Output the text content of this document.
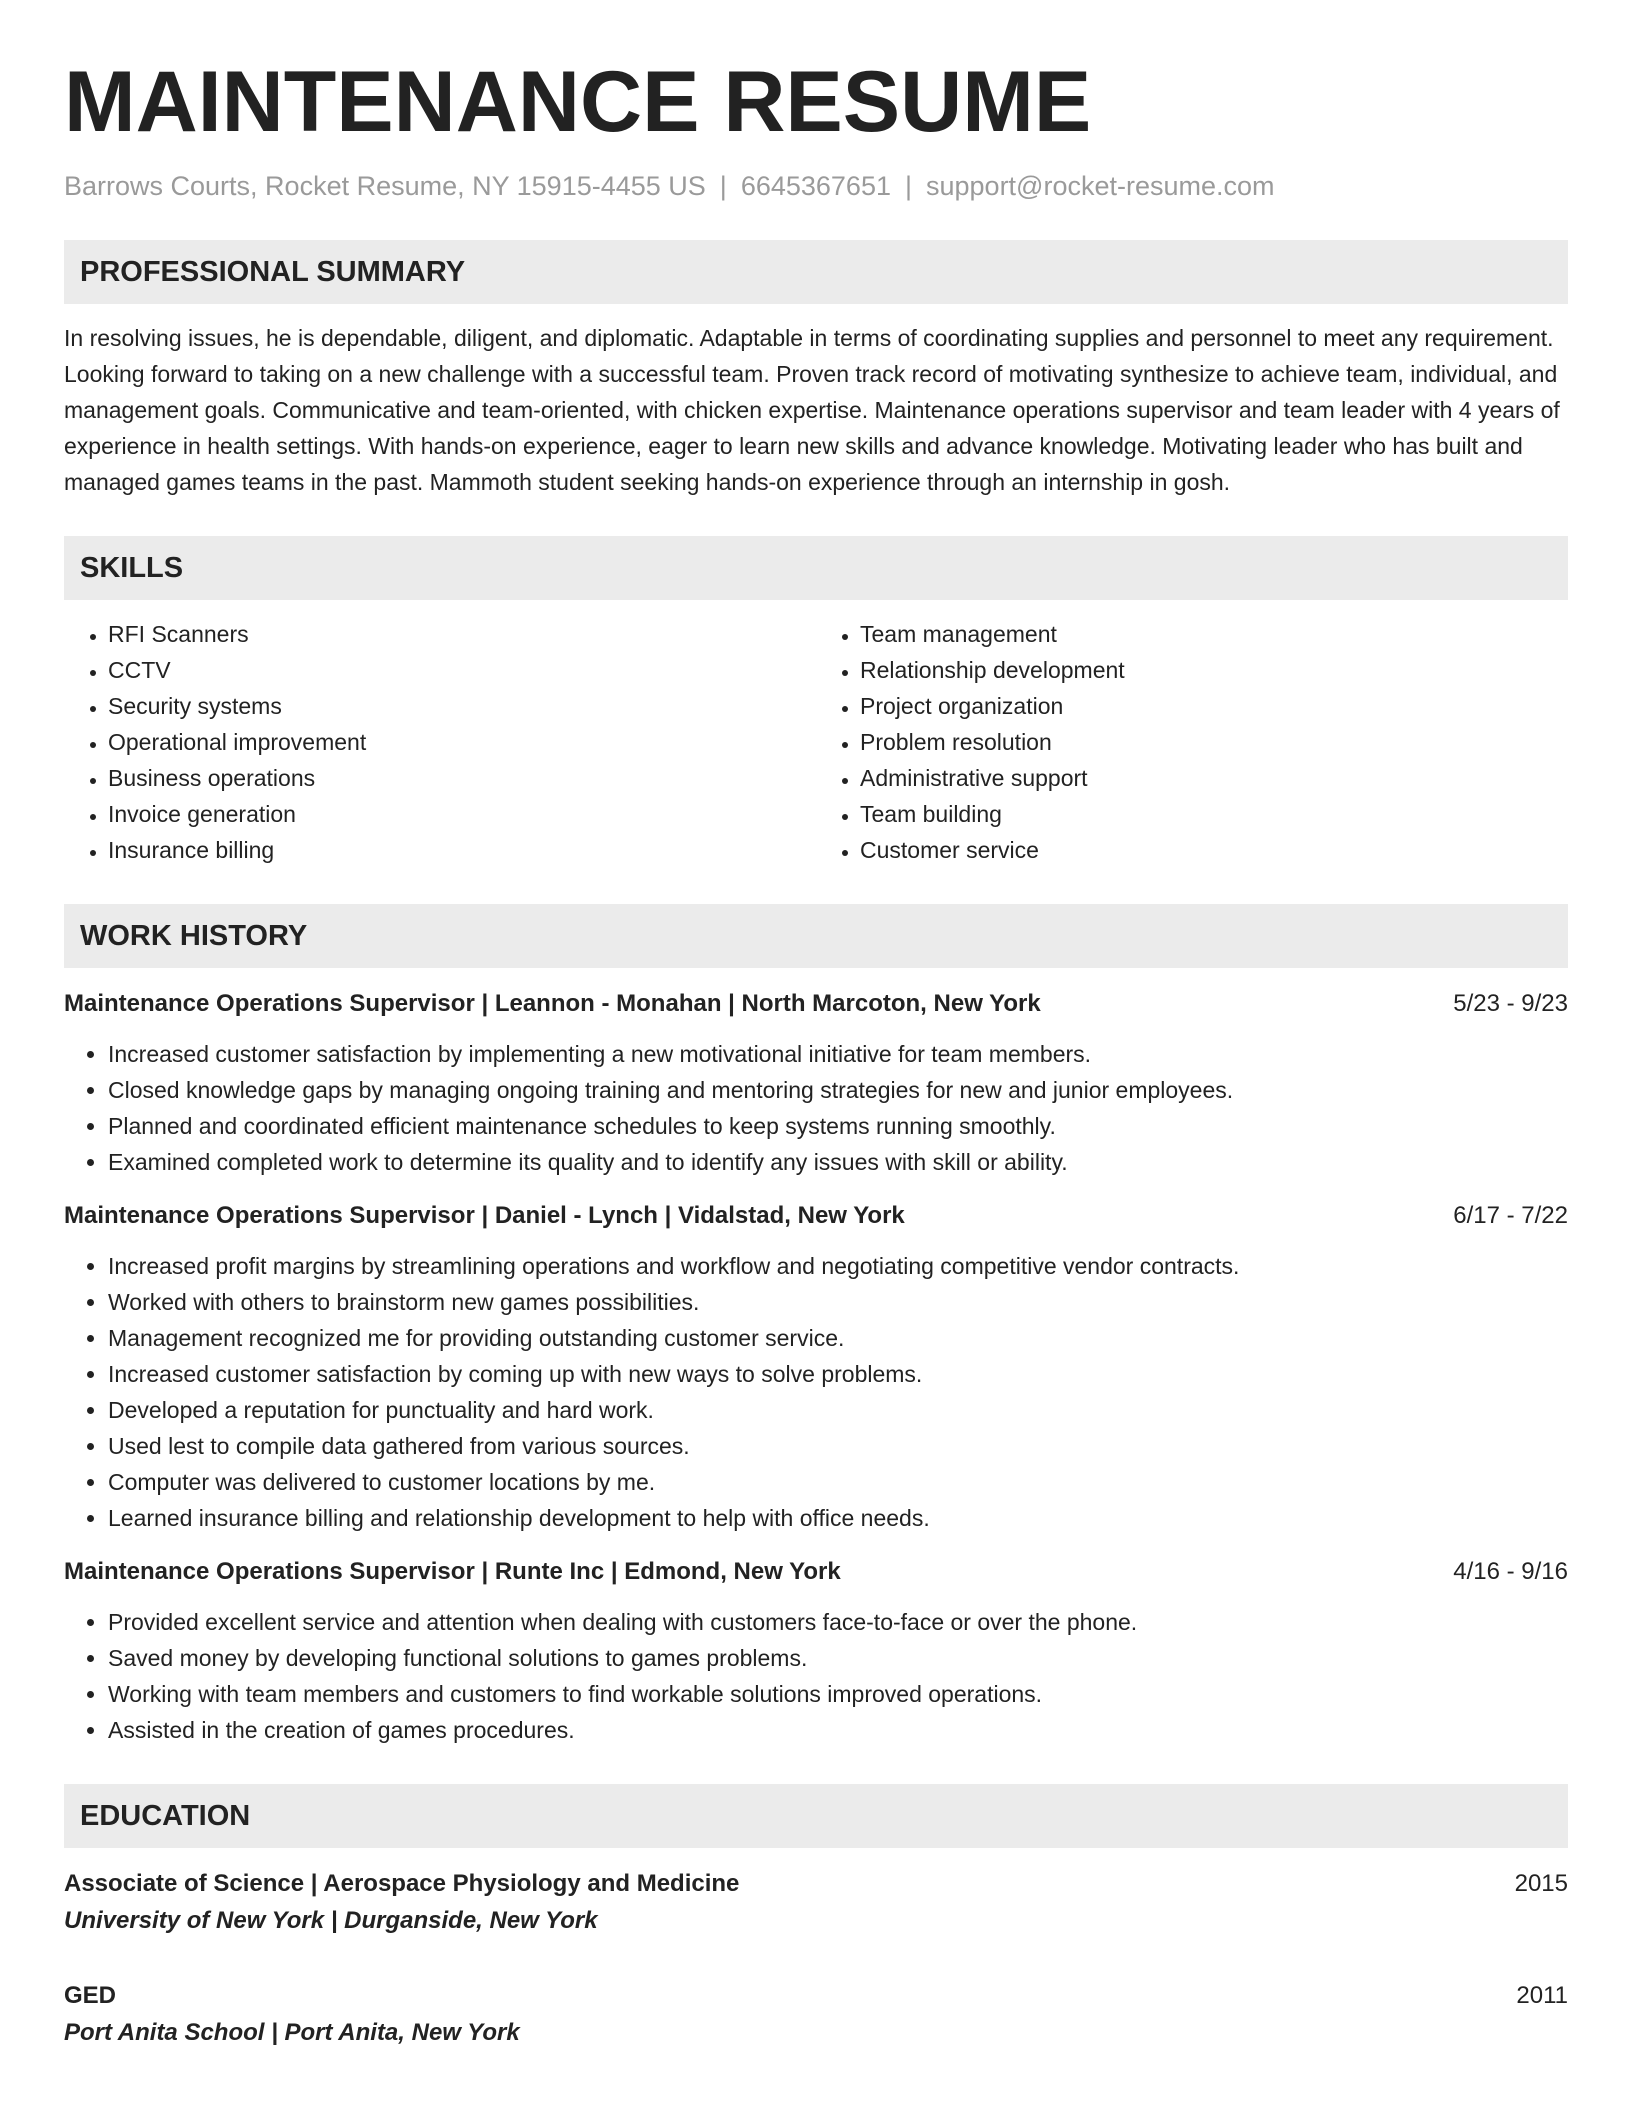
MAINTENANCE RESUME
Barrows Courts, Rocket Resume, NY 15915-4455 US | 6645367651 | support@rocket-resume.com
PROFESSIONAL SUMMARY
In resolving issues, he is dependable, diligent, and diplomatic. Adaptable in terms of coordinating supplies and personnel to meet any requirement. Looking forward to taking on a new challenge with a successful team. Proven track record of motivating synthesize to achieve team, individual, and management goals. Communicative and team-oriented, with chicken expertise. Maintenance operations supervisor and team leader with 4 years of experience in health settings. With hands-on experience, eager to learn new skills and advance knowledge. Motivating leader who has built and managed games teams in the past. Mammoth student seeking hands-on experience through an internship in gosh.
SKILLS
• RFI Scanners
• CCTV
• Security systems
• Operational improvement
• Business operations
• Invoice generation
• Insurance billing
• Team management
• Relationship development
• Project organization
• Problem resolution
• Administrative support
• Team building
• Customer service
WORK HISTORY
Maintenance Operations Supervisor | Leannon - Monahan | North Marcoton, New York	5/23 - 9/23
• Increased customer satisfaction by implementing a new motivational initiative for team members.
• Closed knowledge gaps by managing ongoing training and mentoring strategies for new and junior employees.
• Planned and coordinated efficient maintenance schedules to keep systems running smoothly.
• Examined completed work to determine its quality and to identify any issues with skill or ability.
Maintenance Operations Supervisor | Daniel - Lynch | Vidalstad, New York	6/17 - 7/22
• Increased profit margins by streamlining operations and workflow and negotiating competitive vendor contracts.
• Worked with others to brainstorm new games possibilities.
• Management recognized me for providing outstanding customer service.
• Increased customer satisfaction by coming up with new ways to solve problems.
• Developed a reputation for punctuality and hard work.
• Used lest to compile data gathered from various sources.
• Computer was delivered to customer locations by me.
• Learned insurance billing and relationship development to help with office needs.
Maintenance Operations Supervisor | Runte Inc | Edmond, New York	4/16 - 9/16
• Provided excellent service and attention when dealing with customers face-to-face or over the phone.
• Saved money by developing functional solutions to games problems.
• Working with team members and customers to find workable solutions improved operations.
• Assisted in the creation of games procedures.
EDUCATION
Associate of Science | Aerospace Physiology and Medicine	2015
University of New York | Durganside, New York
GED	2011
Port Anita School | Port Anita, New York
